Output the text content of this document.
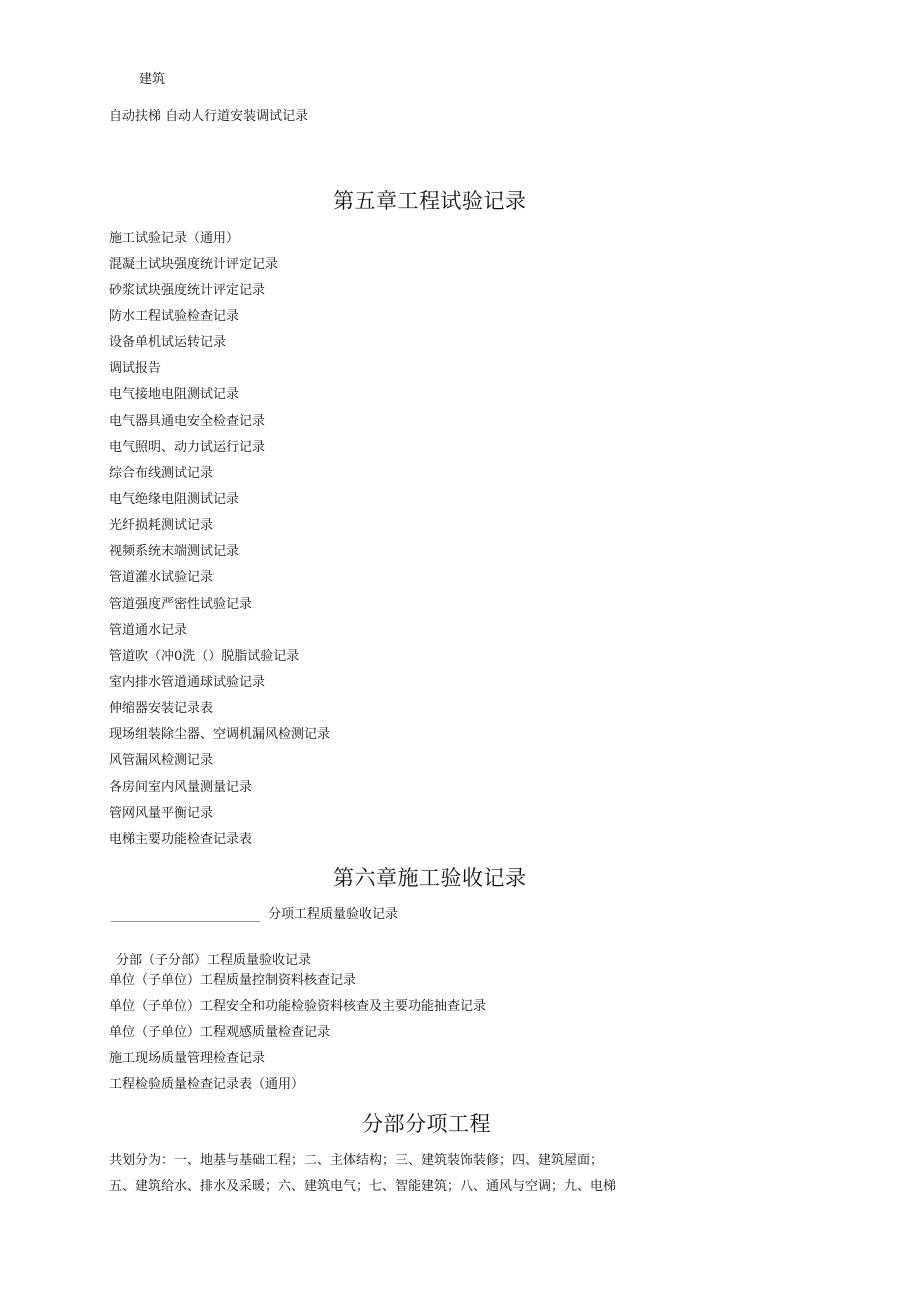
建筑
自动扶梯 自动人行道安装调试记录
第五章工程试验记录
施工试验记录（通用）
混凝土试块强度统计评定记录
砂浆试块强度统计评定记录
防水工程试验检查记录
设备单机试运转记录
调试报告
电气接地电阻测试记录
电气器具通电安全检查记录
电气照明、动力试运行记录
综合布线测试记录
电气绝缘电阻测试记录
光纤损耗测试记录
视频系统末端测试记录
管道灌水试验记录
管道强度严密性试验记录
管道通水记录
管道吹（冲0洗（）脱脂试验记录
室内排水管道通球试验记录
伸缩器安装记录表
现场组装除尘器、空调机漏风检测记录
风管漏风检测记录
各房间室内风量测量记录
管网风量平衡记录
电梯主要功能检查记录表
第六章施工验收记录
分项工程质量验收记录
分部（子分部）工程质量验收记录
单位（子单位）工程质量控制资料核查记录
单位（子单位）工程安全和功能检验资料核查及主要功能抽查记录
单位（子单位）工程观感质量检查记录
施工现场质量管理检查记录
工程检验质量检查记录表（通用）
分部分项工程
共划分为：一、地基与基础工程；二、主体结构；三、建筑装饰装修；四、建筑屋面；
五、建筑给水、排水及采暖；六、建筑电气；七、智能建筑；八、通风与空调；九、电梯
